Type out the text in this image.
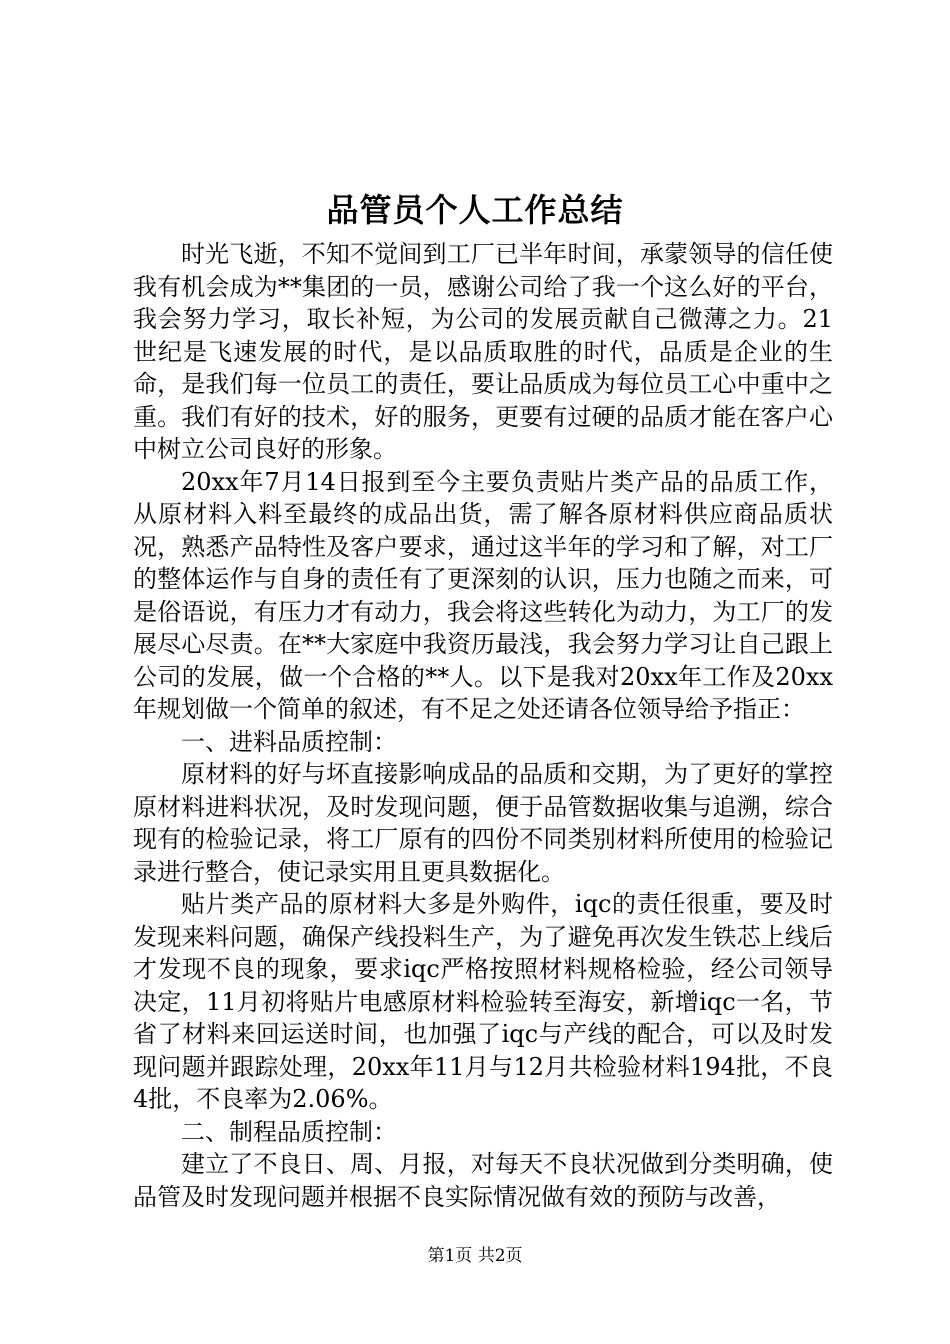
品管员个人工作总结

时光飞逝，不知不觉间到工厂已半年时间，承蒙领导的信任使我有机会成为**集团的一员，感谢公司给了我一个这么好的平台，我会努力学习，取长补短，为公司的发展贡献自己微薄之力。21世纪是飞速发展的时代，是以品质取胜的时代，品质是企业的生命，是我们每一位员工的责任，要让品质成为每位员工心中重中之重。我们有好的技术，好的服务，更要有过硬的品质才能在客户心中树立公司良好的形象。

20xx年7月14日报到至今主要负责贴片类产品的品质工作，从原材料入料至最终的成品出货，需了解各原材料供应商品质状况，熟悉产品特性及客户要求，通过这半年的学习和了解，对工厂的整体运作与自身的责任有了更深刻的认识，压力也随之而来，可是俗语说，有压力才有动力，我会将这些转化为动力，为工厂的发展尽心尽责。在**大家庭中我资历最浅，我会努力学习让自己跟上公司的发展，做一个合格的**人。以下是我对20xx年工作及20xx年规划做一个简单的叙述，有不足之处还请各位领导给予指正：

一、进料品质控制：

原材料的好与坏直接影响成品的品质和交期，为了更好的掌控原材料进料状况，及时发现问题，便于品管数据收集与追溯，综合现有的检验记录，将工厂原有的四份不同类别材料所使用的检验记录进行整合，使记录实用且更具数据化。

贴片类产品的原材料大多是外购件，iqc的责任很重，要及时发现来料问题，确保产线投料生产，为了避免再次发生铁芯上线后才发现不良的现象，要求iqc严格按照材料规格检验，经公司领导决定，11月初将贴片电感原材料检验转至海安，新增iqc一名，节省了材料来回运送时间，也加强了iqc与产线的配合，可以及时发现问题并跟踪处理，20xx年11月与12月共检验材料194批，不良4批，不良率为2.06%。

二、制程品质控制：

建立了不良日、周、月报，对每天不良状况做到分类明确，使品管及时发现问题并根据不良实际情况做有效的预防与改善，

第1页 共2页
